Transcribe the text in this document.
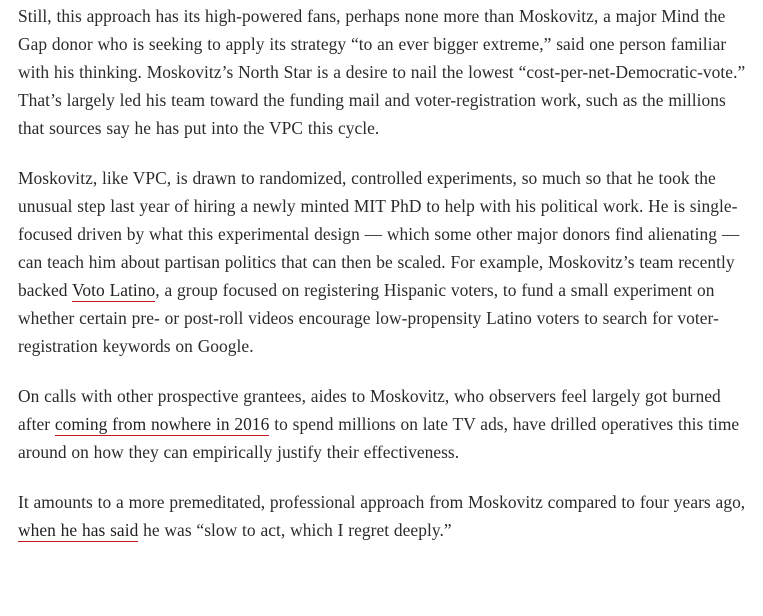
Still, this approach has its high-powered fans, perhaps none more than Moskovitz, a major Mind the Gap donor who is seeking to apply its strategy “to an ever bigger extreme,” said one person familiar with his thinking. Moskovitz’s North Star is a desire to nail the lowest “cost-per-net-Democratic-vote.” That’s largely led his team toward the funding mail and voter-registration work, such as the millions that sources say he has put into the VPC this cycle.

Moskovitz, like VPC, is drawn to randomized, controlled experiments, so much so that he took the unusual step last year of hiring a newly minted MIT PhD to help with his political work. He is single-focused driven by what this experimental design — which some other major donors find alienating — can teach him about partisan politics that can then be scaled. For example, Moskovitz’s team recently backed Voto Latino, a group focused on registering Hispanic voters, to fund a small experiment on whether certain pre- or post-roll videos encourage low-propensity Latino voters to search for voter-registration keywords on Google.

On calls with other prospective grantees, aides to Moskovitz, who observers feel largely got burned after coming from nowhere in 2016 to spend millions on late TV ads, have drilled operatives this time around on how they can empirically justify their effectiveness.

It amounts to a more premeditated, professional approach from Moskovitz compared to four years ago, when he has said he was “slow to act, which I regret deeply.”
